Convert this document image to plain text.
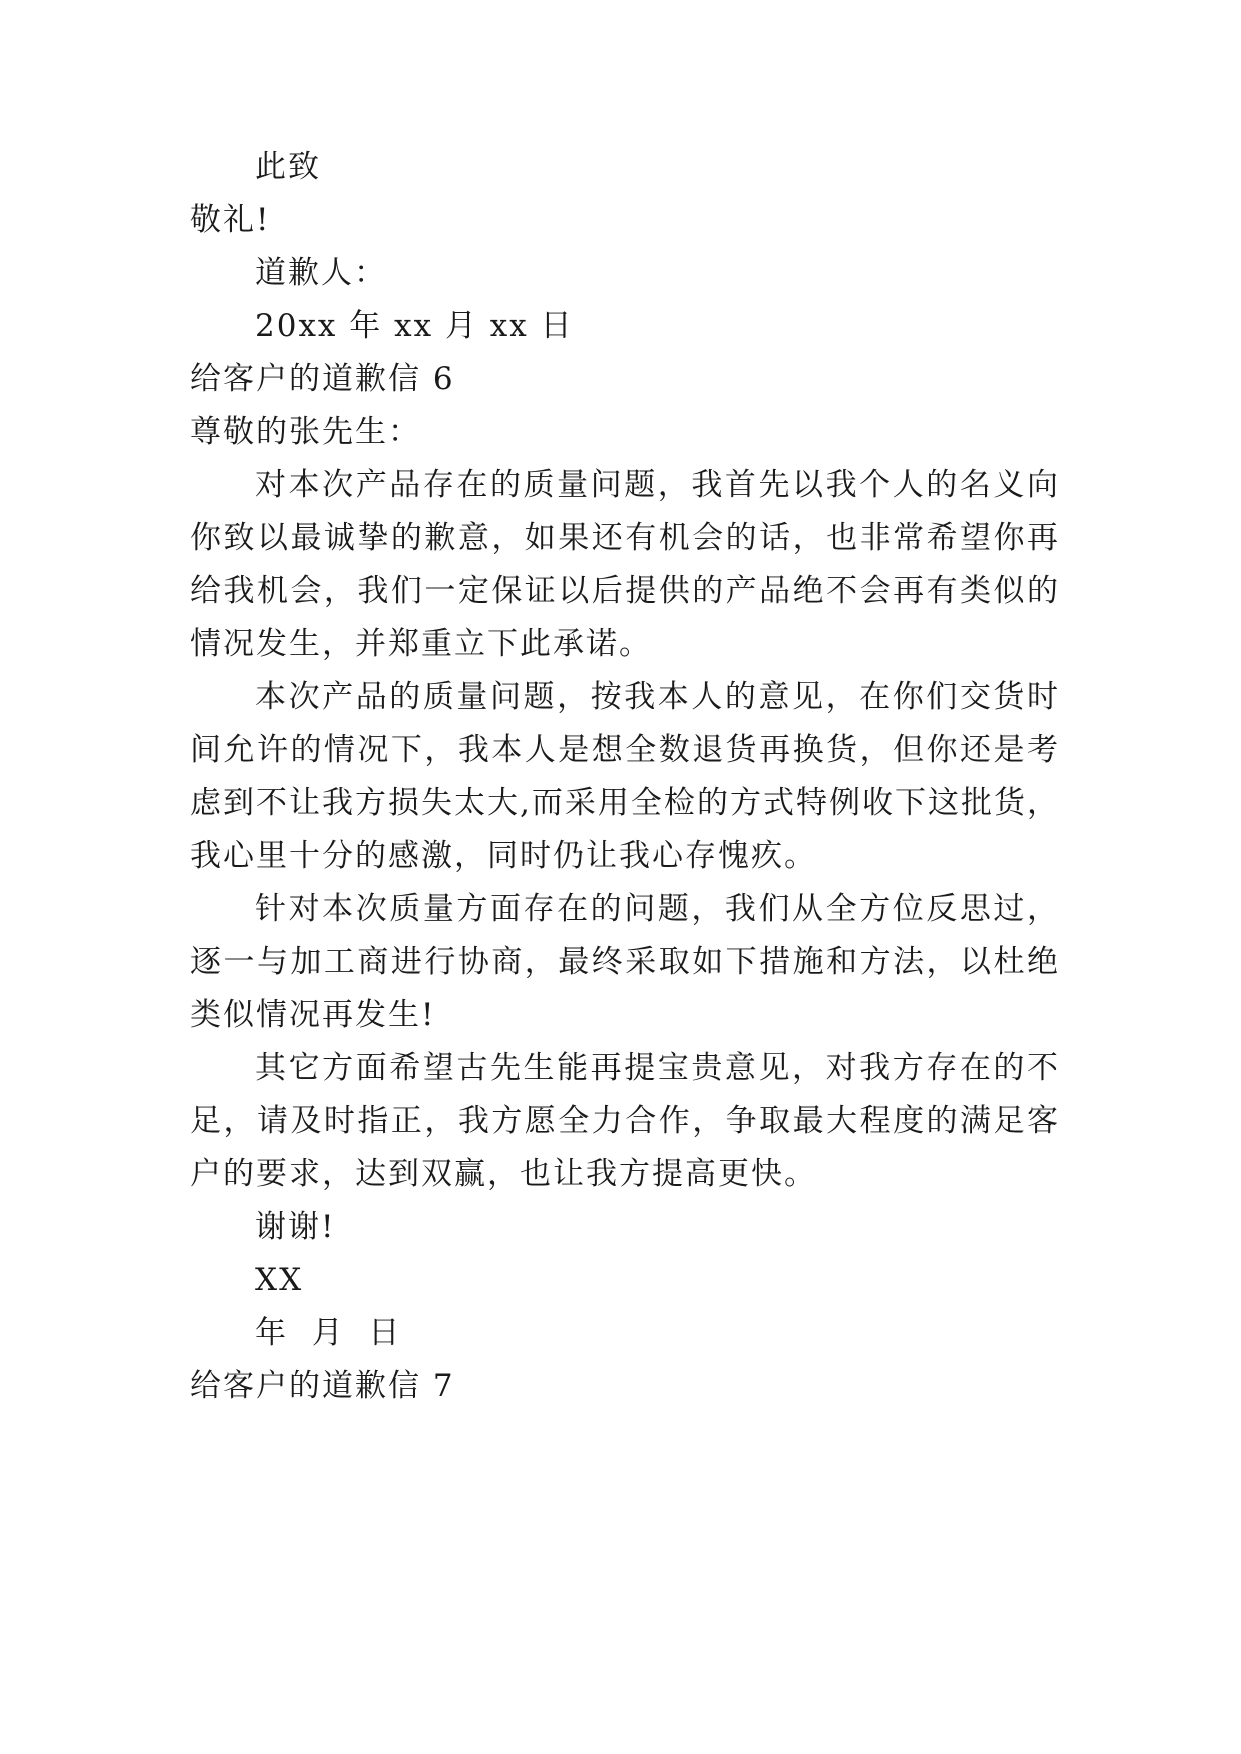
此致
敬礼!
道歉人：
20xx 年 xx 月 xx 日
给客户的道歉信 6
尊敬的张先生：
对本次产品存在的质量问题，我首先以我个人的名义向
你致以最诚挚的歉意，如果还有机会的话，也非常希望你再
给我机会，我们一定保证以后提供的产品绝不会再有类似的
情况发生，并郑重立下此承诺。
本次产品的质量问题，按我本人的意见，在你们交货时
间允许的情况下，我本人是想全数退货再换货，但你还是考
虑到不让我方损失太大,而采用全检的方式特例收下这批货，
我心里十分的感激，同时仍让我心存愧疚。
针对本次质量方面存在的问题，我们从全方位反思过，
逐一与加工商进行协商，最终采取如下措施和方法，以杜绝
类似情况再发生!
其它方面希望古先生能再提宝贵意见，对我方存在的不
足，请及时指正，我方愿全力合作，争取最大程度的满足客
户的要求，达到双赢，也让我方提高更快。
谢谢!
XX
年  月  日
给客户的道歉信 7
